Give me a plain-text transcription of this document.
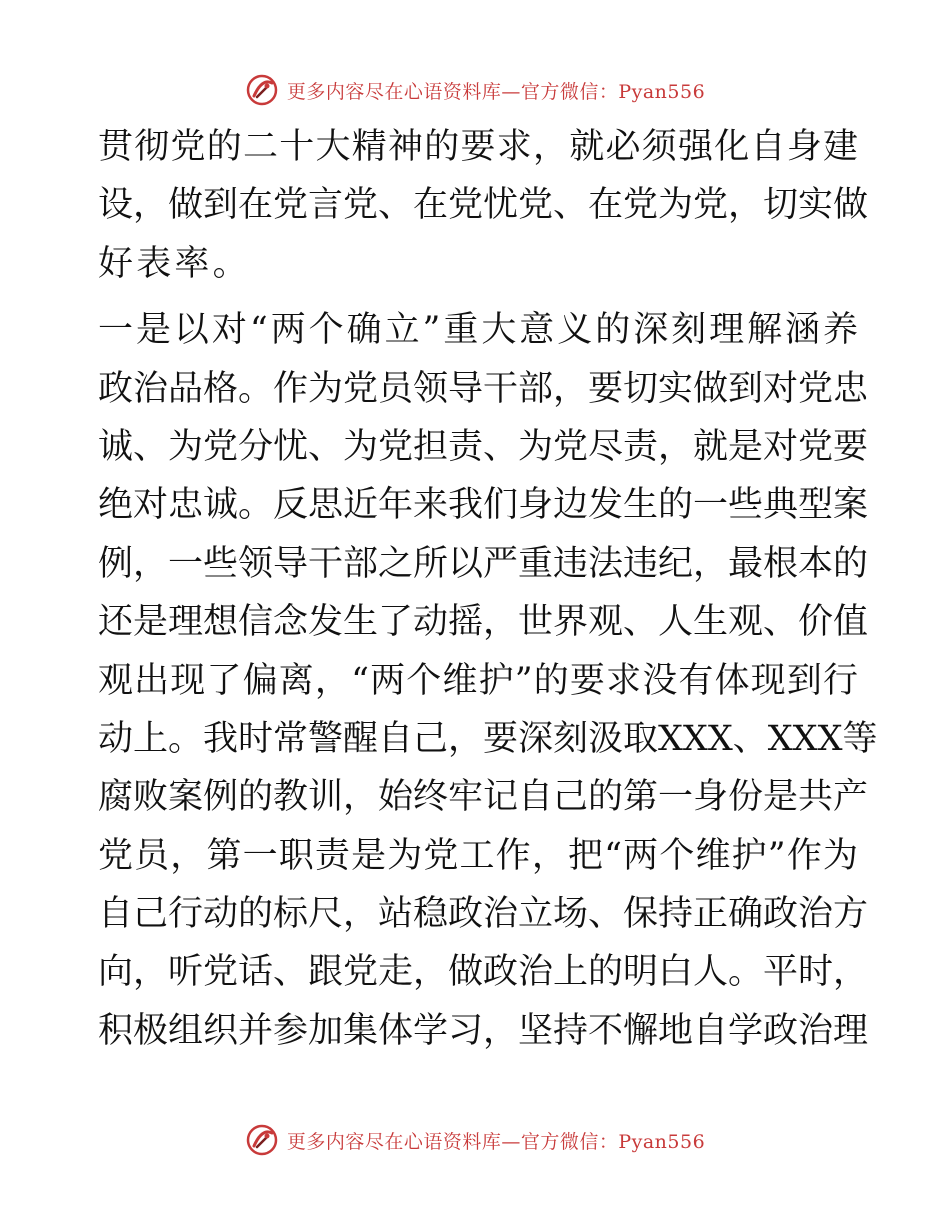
更多内容尽在心语资料库—官方微信：Pyan556
贯彻党的二十大精神的要求，就必须强化自身建
设，做到在党言党、在党忧党、在党为党，切实做
好表率。
一是以对“两个确立”重大意义的深刻理解涵养
政治品格。作为党员领导干部，要切实做到对党忠
诚、为党分忧、为党担责、为党尽责，就是对党要
绝对忠诚。反思近年来我们身边发生的一些典型案
例，一些领导干部之所以严重违法违纪，最根本的
还是理想信念发生了动摇，世界观、人生观、价值
观出现了偏离，“两个维护”的要求没有体现到行
动上。我时常警醒自己，要深刻汲取XXX、XXX等
腐败案例的教训，始终牢记自己的第一身份是共产
党员，第一职责是为党工作，把“两个维护”作为
自己行动的标尺，站稳政治立场、保持正确政治方
向，听党话、跟党走，做政治上的明白人。平时，
积极组织并参加集体学习，坚持不懈地自学政治理
更多内容尽在心语资料库—官方微信：Pyan556
